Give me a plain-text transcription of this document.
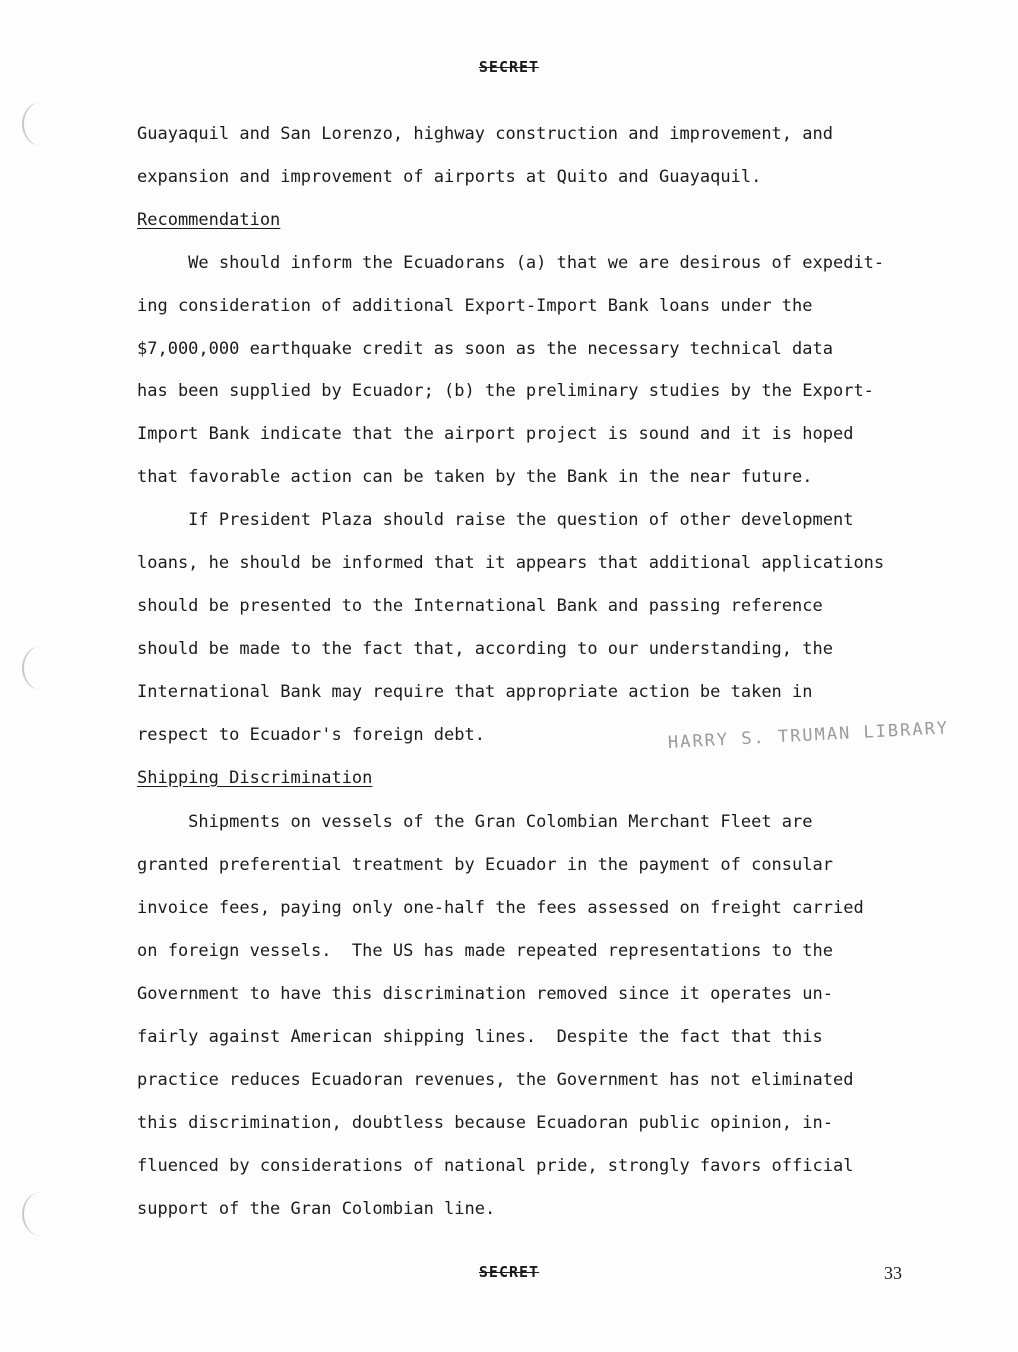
SECRET
Guayaquil and San Lorenzo, highway construction and improvement, and
expansion and improvement of airports at Quito and Guayaquil.
Recommendation
We should inform the Ecuadorans (a) that we are desirous of expedit-
ing consideration of additional Export-Import Bank loans under the
$7,000,000 earthquake credit as soon as the necessary technical data
has been supplied by Ecuador; (b) the preliminary studies by the Export-
Import Bank indicate that the airport project is sound and it is hoped
that favorable action can be taken by the Bank in the near future.
If President Plaza should raise the question of other development
loans, he should be informed that it appears that additional applications
should be presented to the International Bank and passing reference
should be made to the fact that, according to our understanding, the
International Bank may require that appropriate action be taken in
respect to Ecuador's foreign debt.
Shipping Discrimination
Shipments on vessels of the Gran Colombian Merchant Fleet are
granted preferential treatment by Ecuador in the payment of consular
invoice fees, paying only one-half the fees assessed on freight carried
on foreign vessels.  The US has made repeated representations to the
Government to have this discrimination removed since it operates un-
fairly against American shipping lines.  Despite the fact that this
practice reduces Ecuadoran revenues, the Government has not eliminated
this discrimination, doubtless because Ecuadoran public opinion, in-
fluenced by considerations of national pride, strongly favors official
support of the Gran Colombian line.
HARRY S. TRUMAN LIBRARY
SECRET	33
